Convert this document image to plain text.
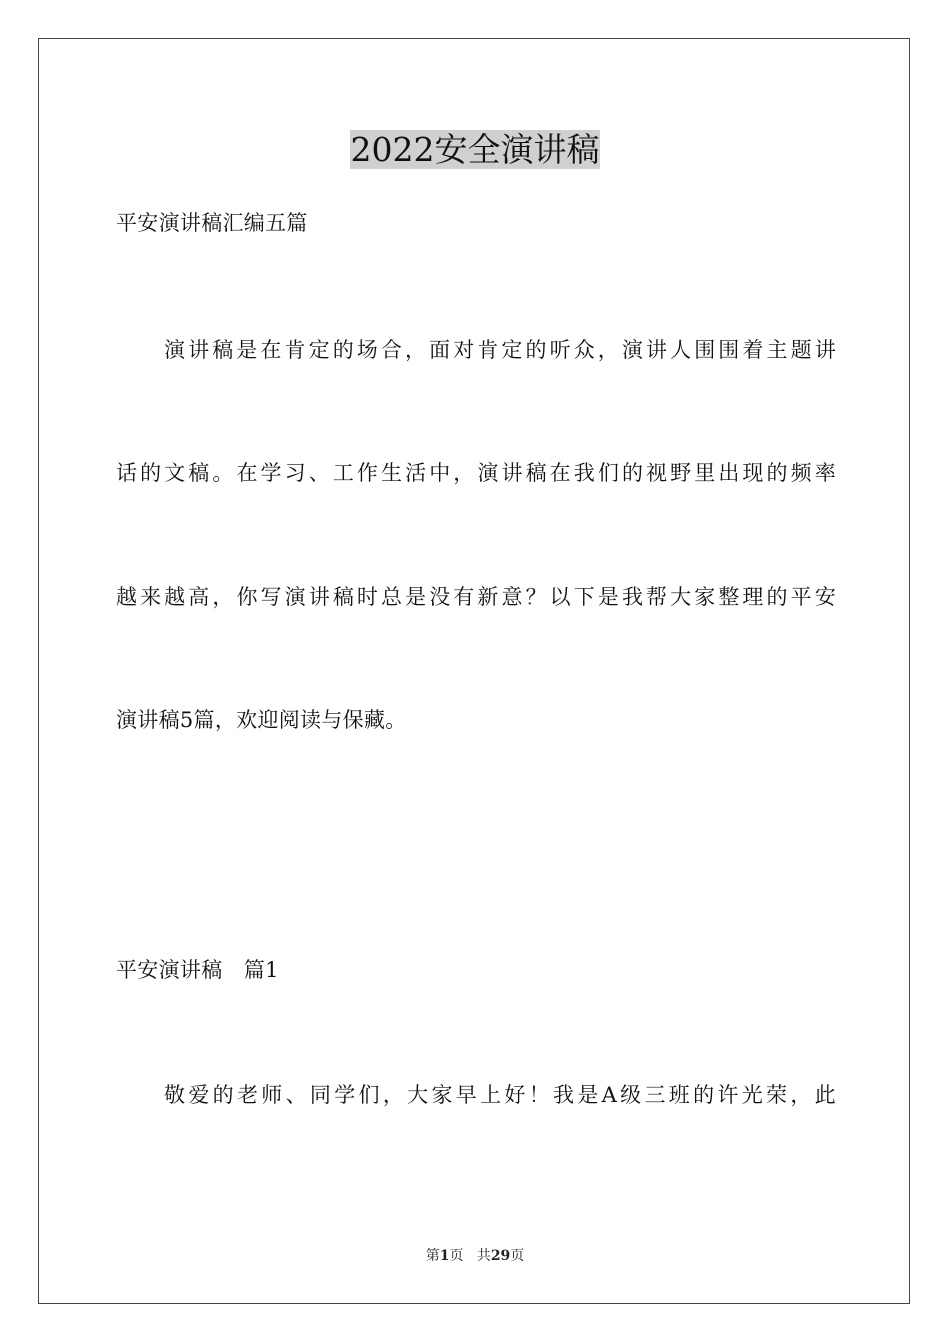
2022安全演讲稿
平安演讲稿汇编五篇
演讲稿是在肯定的场合，面对肯定的听众，演讲人围围着主题讲
话的文稿。在学习、工作生活中，演讲稿在我们的视野里出现的频率
越来越高，你写演讲稿时总是没有新意？以下是我帮大家整理的平安
演讲稿5篇，欢迎阅读与保藏。
平安演讲稿　篇1
敬爱的老师、同学们，大家早上好！我是A级三班的许光荣，此
第1页 共29页
